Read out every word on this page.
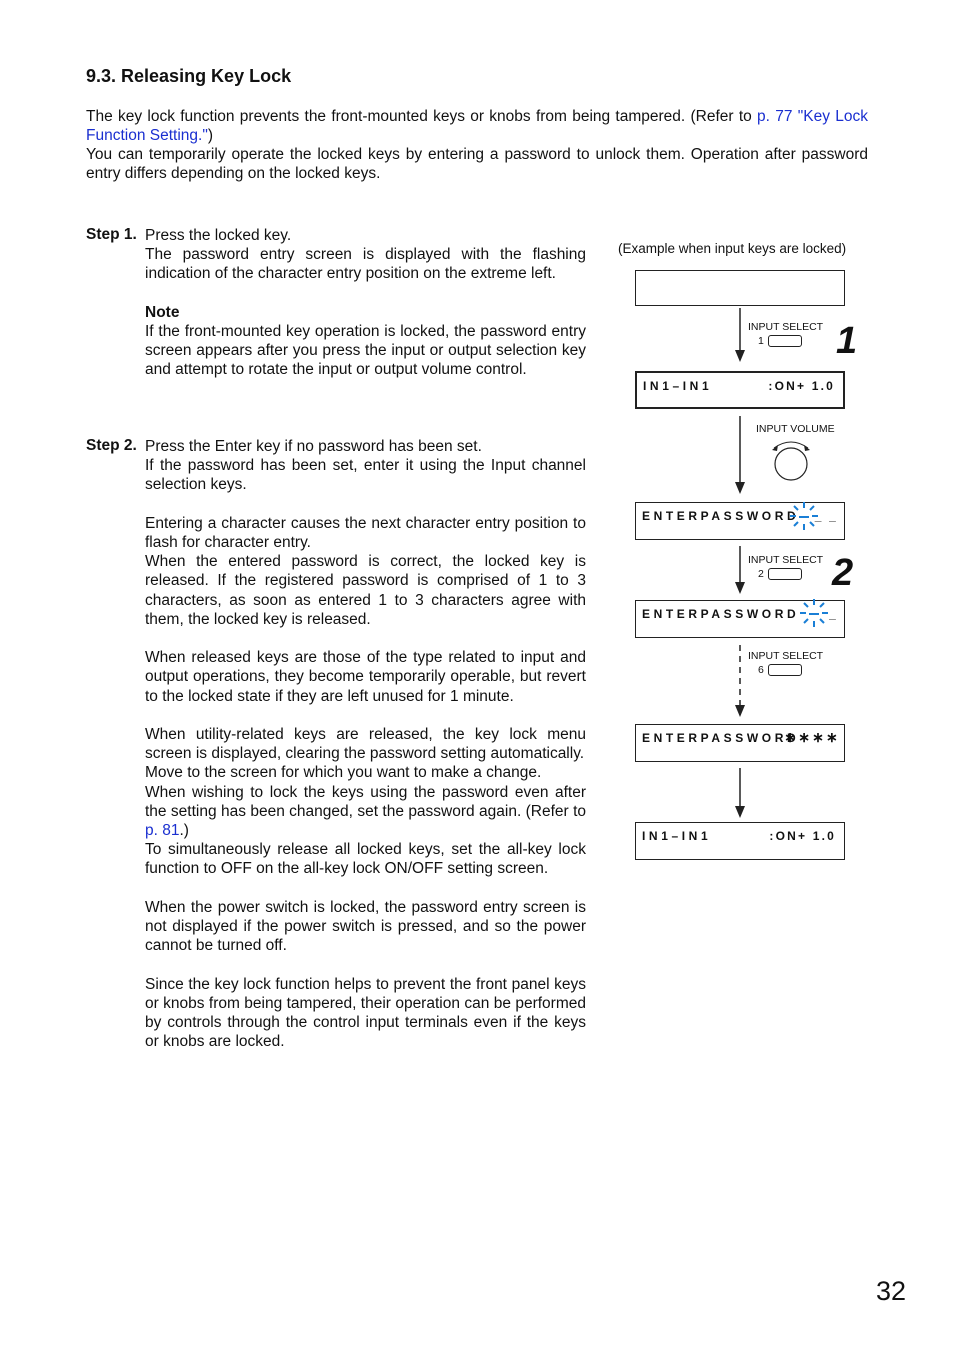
9.3. Releasing Key Lock
The key lock function prevents the front-mounted keys or knobs from being tampered. (Refer to p. 77 "Key Lock Function Setting.")
You can temporarily operate the locked keys by entering a password to unlock them. Operation after password entry differs depending on the locked keys.
Step 1. Press the locked key.

The password entry screen is displayed with the flashing indication of the character entry position on the extreme left.

Note

If the front-mounted key operation is locked, the password entry screen appears after you press the input or output selection key and attempt to rotate the input or output volume control.

Step 2. Press the Enter key if no password has been set.

If the password has been set, enter it using the Input channel selection keys.

Entering a character causes the next character entry position to flash for character entry.

When the entered password is correct, the locked key is released. If the registered password is comprised of 1 to 3 characters, as soon as entered 1 to 3 characters agree with them, the locked key is released.

When released keys are those of the type related to input and output operations, they become temporarily operable, but revert to the locked state if they are left unused for 1 minute.

When utility-related keys are released, the key lock menu screen is displayed, clearing the password setting automatically.

Move to the screen for which you want to make a change.

When wishing to lock the keys using the password even after the setting has been changed, set the password again. (Refer to p. 81.)

To simultaneously release all locked keys, set the all-key lock function to OFF on the all-key lock ON/OFF setting screen.

When the power switch is locked, the password entry screen is not displayed if the power switch is pressed, and so the power cannot be turned off.

Since the key lock function helps to prevent the front panel keys or knobs from being tampered, their operation can be performed by controls through the control input terminals even if the keys or knobs are locked.

(Example when input keys are locked)
INPUT SELECT
1 1
IN1–IN1	:ON+ 1.0
INPUT VOLUME
ENTERPASSWORD _ _
INPUT SELECT
2 2
ENTERPASSWORD _
INPUT SELECT
6
ENTERPASSWORD
∗∗∗∗
IN1–IN1	:ON+ 1.0
32
